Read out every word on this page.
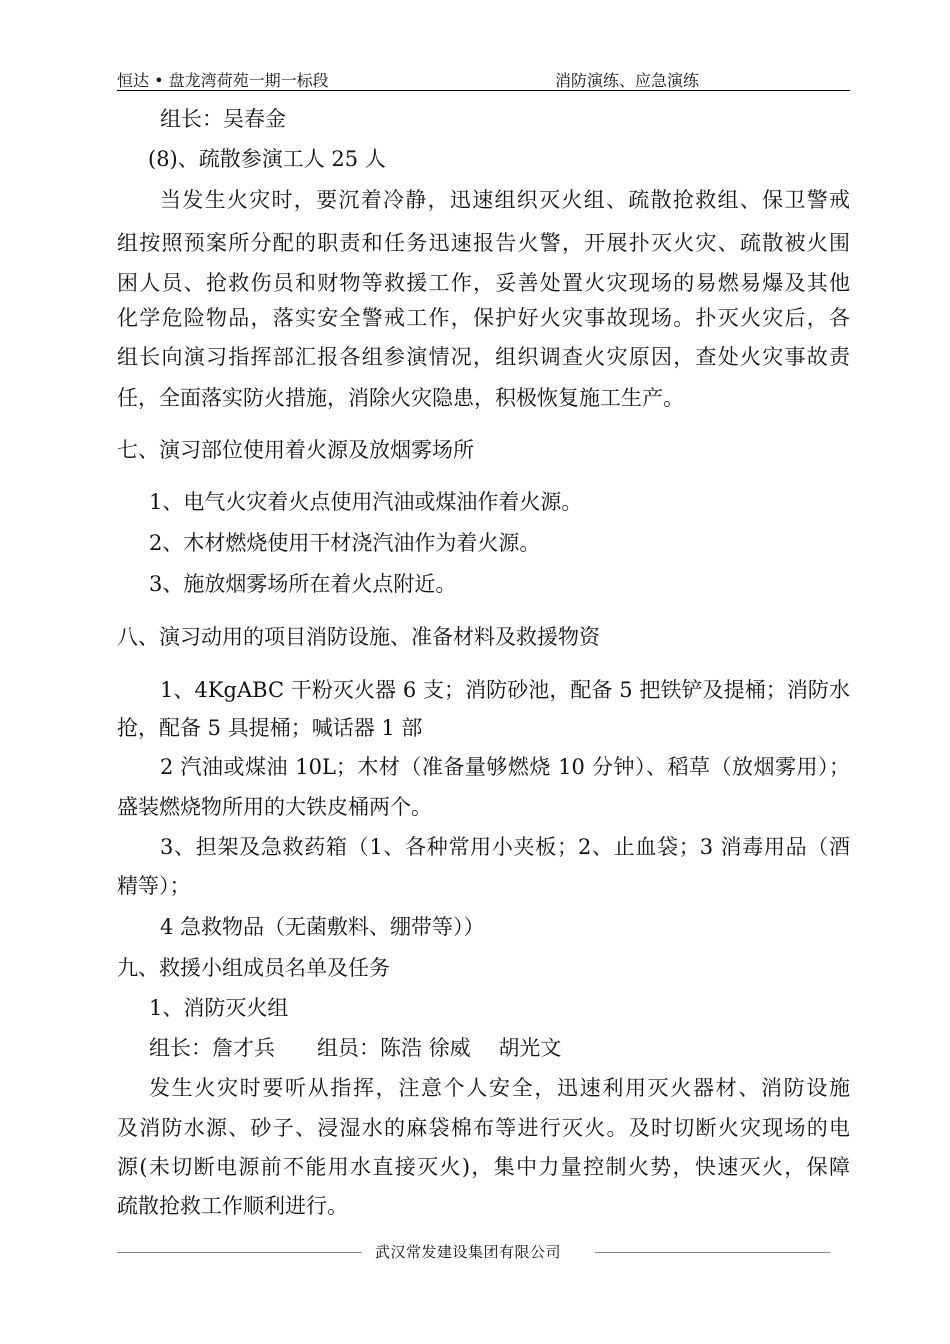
恒达 • 盘龙湾荷苑一期一标段	消防演练、应急演练
组长：吴春金
(8)、疏散参演工人 25 人
当发生火灾时，要沉着冷静，迅速组织灭火组、疏散抢救组、保卫警戒
组按照预案所分配的职责和任务迅速报告火警，开展扑灭火灾、疏散被火围
困人员、抢救伤员和财物等救援工作，妥善处置火灾现场的易燃易爆及其他
化学危险物品，落实安全警戒工作，保护好火灾事故现场。扑灭火灾后，各
组长向演习指挥部汇报各组参演情况，组织调查火灾原因，查处火灾事故责
任，全面落实防火措施，消除火灾隐患，积极恢复施工生产。
七、演习部位使用着火源及放烟雾场所
1、电气火灾着火点使用汽油或煤油作着火源。
2、木材燃烧使用干材浇汽油作为着火源。
3、施放烟雾场所在着火点附近。
八、演习动用的项目消防设施、准备材料及救援物资
1、4KgABC 干粉灭火器 6 支；消防砂池，配备 5 把铁铲及提桶；消防水
抢，配备 5 具提桶；喊话器 1 部
2 汽油或煤油 10L；木材（准备量够燃烧 10 分钟）、稻草（放烟雾用）；
盛装燃烧物所用的大铁皮桶两个。
3、担架及急救药箱（1、各种常用小夹板；2、止血袋；3 消毒用品（酒
精等）；
4 急救物品（无菌敷料、绷带等））
九、救援小组成员名单及任务
1、消防灭火组
组长：詹才兵　　组员：陈浩 徐威　 胡光文
发生火灾时要听从指挥，注意个人安全，迅速利用灭火器材、消防设施
及消防水源、砂子、浸湿水的麻袋棉布等进行灭火。及时切断火灾现场的电
源(未切断电源前不能用水直接灭火)，集中力量控制火势，快速灭火，保障
疏散抢救工作顺利进行。
武汉常发建设集团有限公司
